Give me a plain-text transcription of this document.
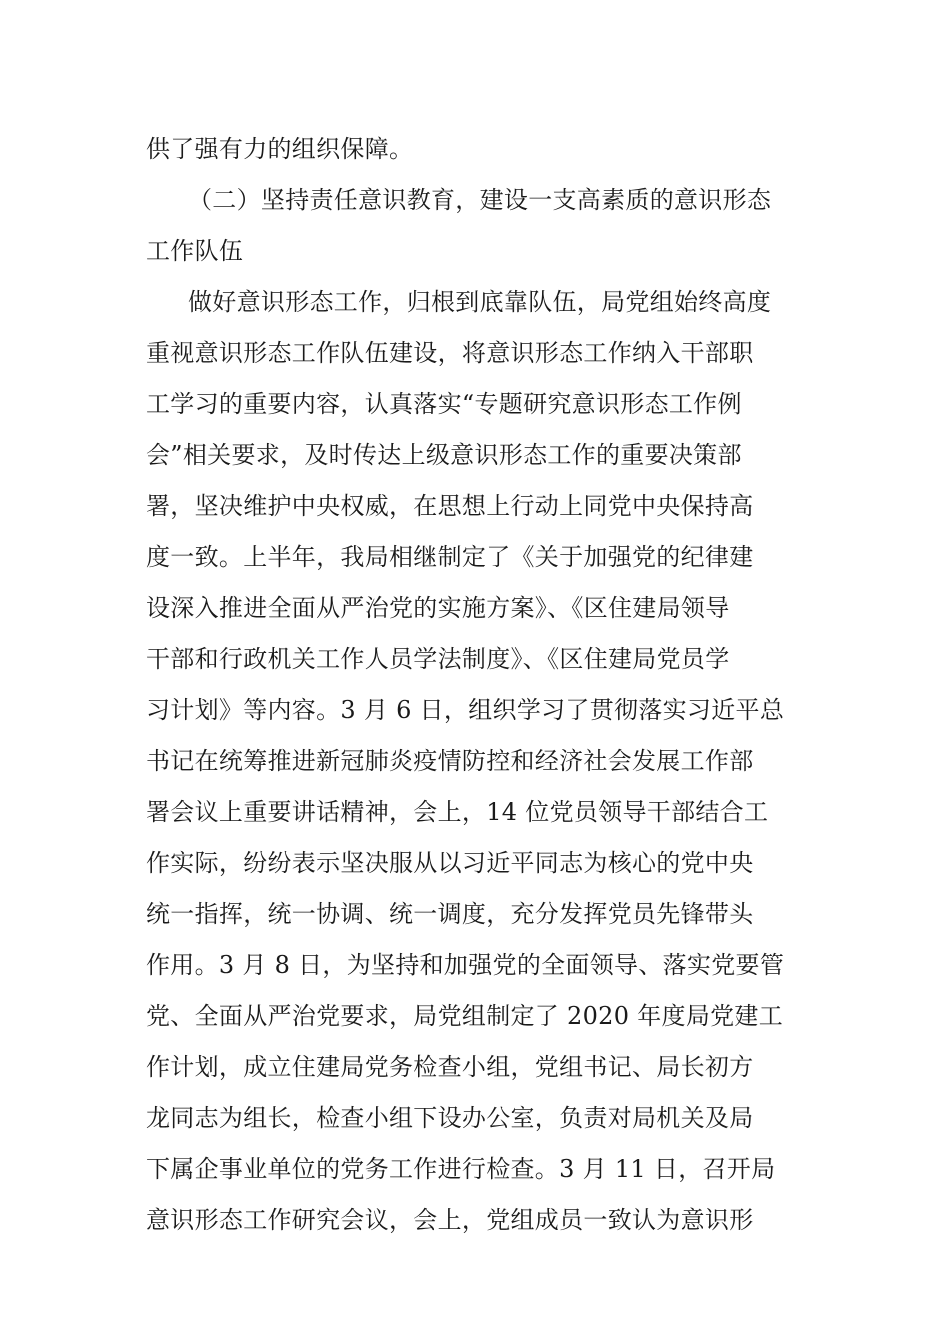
供了强有力的组织保障。
（二）坚持责任意识教育，建设一支高素质的意识形态
工作队伍
做好意识形态工作，归根到底靠队伍，局党组始终高度
重视意识形态工作队伍建设，将意识形态工作纳入干部职
工学习的重要内容，认真落实“专题研究意识形态工作例
会”相关要求，及时传达上级意识形态工作的重要决策部
署，坚决维护中央权威，在思想上行动上同党中央保持高
度一致。上半年，我局相继制定了《关于加强党的纪律建
设深入推进全面从严治党的实施方案》、《区住建局领导
干部和行政机关工作人员学法制度》、《区住建局党员学
习计划》等内容。3 月 6 日，组织学习了贯彻落实习近平总
书记在统筹推进新冠肺炎疫情防控和经济社会发展工作部
署会议上重要讲话精神，会上，14 位党员领导干部结合工
作实际，纷纷表示坚决服从以习近平同志为核心的党中央
统一指挥，统一协调、统一调度，充分发挥党员先锋带头
作用。3 月 8 日，为坚持和加强党的全面领导、落实党要管
党、全面从严治党要求，局党组制定了 2020 年度局党建工
作计划，成立住建局党务检查小组，党组书记、局长初方
龙同志为组长，检查小组下设办公室，负责对局机关及局
下属企事业单位的党务工作进行检查。3 月 11 日，召开局
意识形态工作研究会议，会上，党组成员一致认为意识形
